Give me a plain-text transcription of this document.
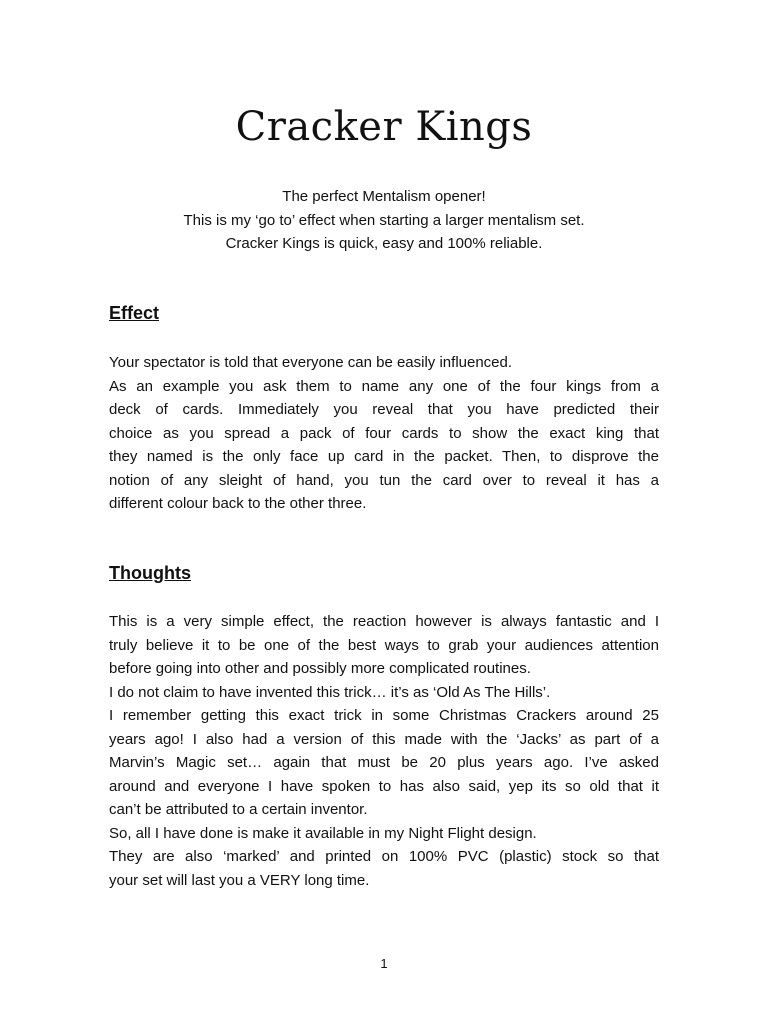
Cracker Kings
The perfect Mentalism opener!
This is my ‘go to’ effect when starting a larger mentalism set.
Cracker Kings is quick, easy and 100% reliable.
Effect
Your spectator is told that everyone can be easily influenced.
As an example you ask them to name any one of the four kings from a
deck of cards. Immediately you reveal that you have predicted their
choice as you spread a pack of four cards to show the exact king that
they named is the only face up card in the packet. Then, to disprove the
notion of any sleight of hand, you tun the card over to reveal it has a
different colour back to the other three.
Thoughts
This is a very simple effect, the reaction however is always fantastic and I
truly believe it to be one of the best ways to grab your audiences attention
before going into other and possibly more complicated routines.
I do not claim to have invented this trick… it’s as ‘Old As The Hills’.
I remember getting this exact trick in some Christmas Crackers around 25
years ago! I also had a version of this made with the ‘Jacks’ as part of a
Marvin’s Magic set… again that must be 20 plus years ago. I’ve asked
around and everyone I have spoken to has also said, yep its so old that it
can’t be attributed to a certain inventor.
So, all I have done is make it available in my Night Flight design.
They are also ‘marked’ and printed on 100% PVC (plastic) stock so that
your set will last you a VERY long time.
1
